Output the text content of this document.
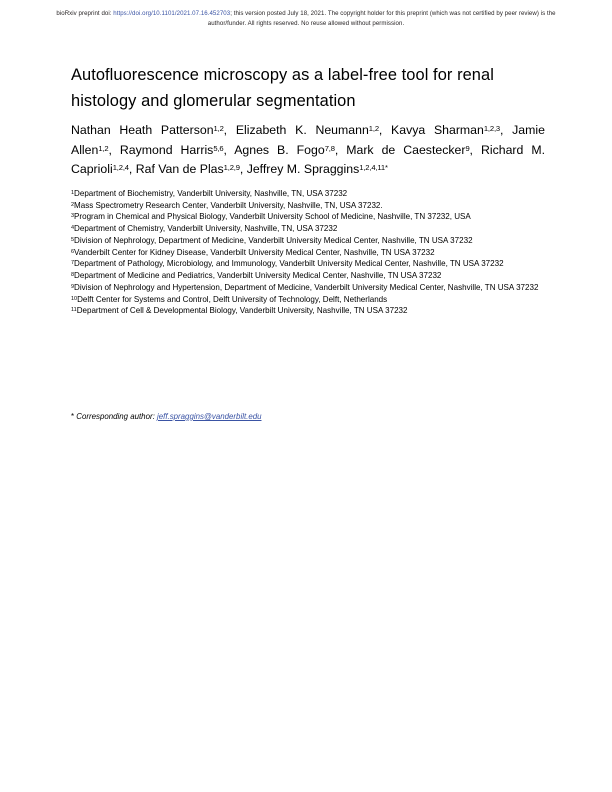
bioRxiv preprint doi: https://doi.org/10.1101/2021.07.16.452703; this version posted July 18, 2021. The copyright holder for this preprint (which was not certified by peer review) is the author/funder. All rights reserved. No reuse allowed without permission.
Autofluorescence microscopy as a label-free tool for renal histology and glomerular segmentation
Nathan Heath Patterson$^{1,2}$, Elizabeth K. Neumann$^{1,2}$, Kavya Sharman$^{1,2,3}$, Jamie Allen$^{1,2}$, Raymond Harris$^{5,6}$, Agnes B. Fogo$^{7,8}$, Mark de Caestecker$^9$, Richard M. Caprioli$^{1,2,4}$, Raf Van de Plas$^{1,2,9}$, Jeffrey M. Spraggins$^{1,2,4,11*}$

$^1$Department of Biochemistry, Vanderbilt University, Nashville, TN, USA 37232

$^2$Mass Spectrometry Research Center, Vanderbilt University, Nashville, TN, USA 37232.

$^3$Program in Chemical and Physical Biology, Vanderbilt University School of Medicine, Nashville, TN 37232, USA

$^4$Department of Chemistry, Vanderbilt University, Nashville, TN, USA 37232

$^5$Division of Nephrology, Department of Medicine, Vanderbilt University Medical Center, Nashville, TN USA 37232

$^6$Vanderbilt Center for Kidney Disease, Vanderbilt University Medical Center, Nashville, TN USA 37232

$^7$Department of Pathology, Microbiology, and Immunology, Vanderbilt University Medical Center, Nashville, TN USA 37232

$^8$Department of Medicine and Pediatrics, Vanderbilt University Medical Center, Nashville, TN USA 37232

$^9$Division of Nephrology and Hypertension, Department of Medicine, Vanderbilt University Medical Center, Nashville, TN USA 37232

$^{10}$Delft Center for Systems and Control, Delft University of Technology, Delft, Netherlands

$^{11}$Department of Cell & Developmental Biology, Vanderbilt University, Nashville, TN USA 37232

* Corresponding author: jeff.spraggins@vanderbilt.edu
